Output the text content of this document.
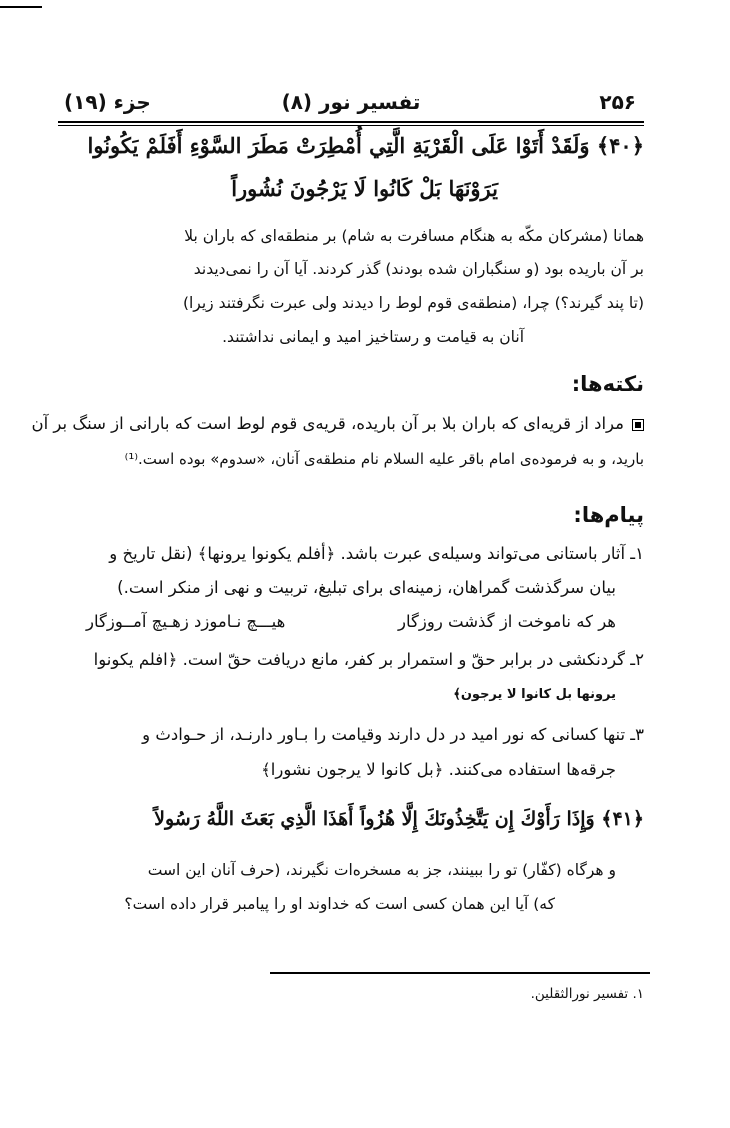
۲۵۶
تفسیر نور (۸)
جزء (۱۹)
﴿۴۰﴾ وَلَقَدْ أَتَوْا عَلَى الْقَرْيَةِ الَّتِي أُمْطِرَتْ مَطَرَ السَّوْءِ أَفَلَمْ يَكُونُوا
يَرَوْنَهَا بَلْ كَانُوا لَا يَرْجُونَ نُشُوراً
همانا (مشرکان مکّه به هنگام مسافرت به شام) بر منطقه‌ای که باران بلا
بر آن باریده بود (و سنگباران شده بودند) گذر کردند. آیا آن را نمی‌دیدند
(تا پند گیرند؟) چرا، (منطقه‌ی قوم لوط را دیدند ولی عبرت نگرفتند زیرا)
آنان به قیامت و رستاخیز امید و ایمانی نداشتند.
نکته‌ها:
مراد از قریه‌ای که باران بلا بر آن باریده، قریه‌ی قوم لوط است که بارانی از سنگ بر آن
بارید، و به فرموده‌ی امام باقر علیه السلام نام منطقه‌ی آنان، «سدوم» بوده است.⁽¹⁾
پیام‌ها:
۱ـ آثار باستانی می‌تواند وسیله‌ی عبرت باشد. ﴿أفلم یکونوا یرونها﴾ (نقل تاریخ و
بیان سرگذشت گمراهان، زمینه‌ای برای تبلیغ، تربیت و نهی از منکر است.)
هر که ناموخت از گذشت روزگار
هیـــچ نـاموزد زهـیچ آمــوزگار
۲ـ گردنکشی در برابر حقّ و استمرار بر کفر، مانع دریافت حقّ است. ﴿افلم یکونوا
یرونها بل کانوا لا یرجون﴾
۳ـ تنها کسانی که نور امید در دل دارند وقیامت را بـاور دارنـد، از حـوادث و
جرقه‌ها استفاده می‌کنند. ﴿بل کانوا لا یرجون نشورا﴾
﴿۴۱﴾ وَإِذَا رَأَوْكَ إِن يَتَّخِذُونَكَ إِلَّا هُزُواً أَهَذَا الَّذِي بَعَثَ اللَّهُ رَسُولاً
و هرگاه (کفّار) تو را ببینند، جز به مسخره‌ات نگیرند، (حرف آنان این است
که) آیا این همان کسی است که خداوند او را پیامبر قرار داده است؟
۱. تفسیر نورالثقلین.
